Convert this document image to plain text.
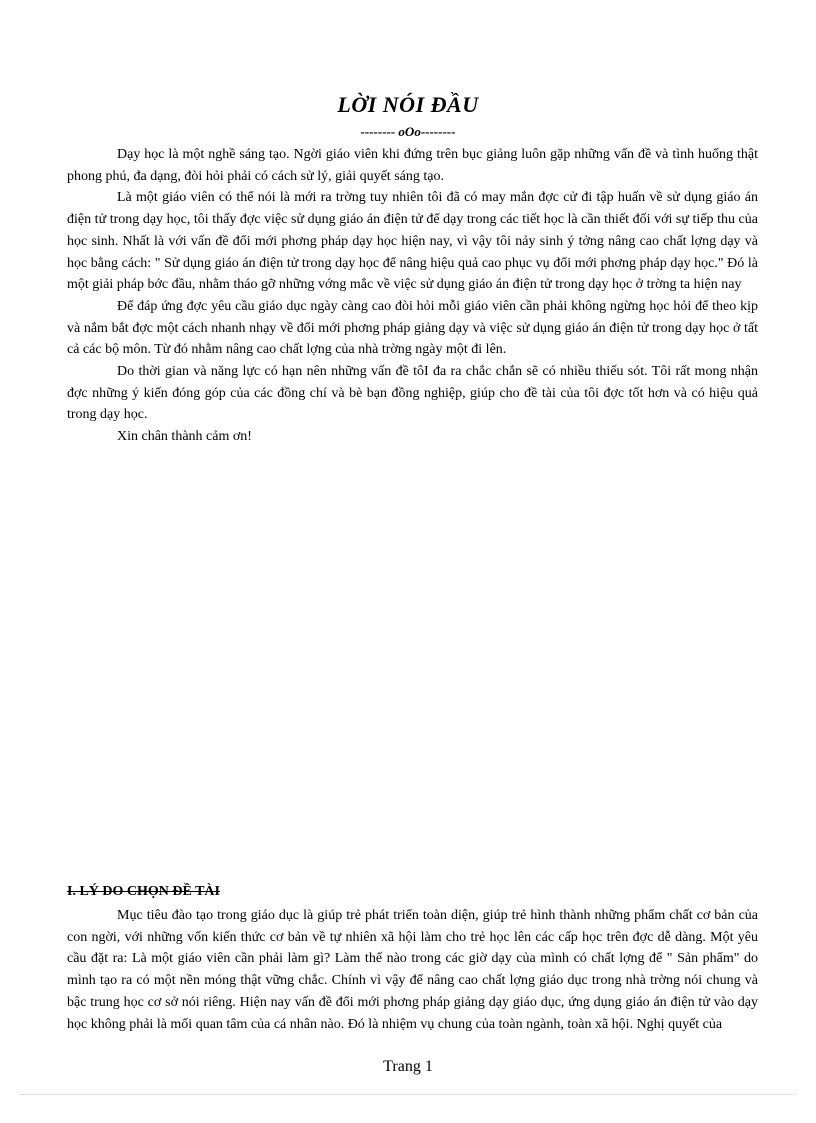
LỜI NÓI ĐẦU
-------- oOo--------

Dạy học là một nghề sáng tạo. Ngời giáo viên khi đứng trên bục giảng luôn gặp những vấn đề và tình huống thật phong phú, đa dạng, đòi hỏi phải có cách sử lý, giải quyết sáng tạo.

Là một giáo viên có thể nói là mới ra trờng tuy nhiên tôi đã có may mắn đợc cử đi tập huấn về sử dụng giáo án điện tử trong dạy học, tôi thấy đợc việc sử dụng giáo án điện tử để dạy trong các tiết học là cần thiết đối với sự tiếp thu của học sinh. Nhất là với vấn đề đổi mới phơng pháp dạy học hiện nay, vì vậy tôi nảy sinh ý tởng nâng cao chất lợng dạy và học bằng cách: " Sử dụng giáo án điện tử trong dạy học để nâng hiệu quả cao phục vụ đổi mới phơng pháp dạy học." Đó là một giải pháp bớc đầu, nhằm tháo gỡ những vớng mắc về việc sử dụng giáo án điện tử trong dạy học ở trờng ta hiện nay

Để đáp ứng đợc yêu cầu giáo dục ngày càng cao đòi hỏi mỗi giáo viên cần phải không ngừng học hỏi để theo kịp và nắm bắt đợc một cách nhanh nhạy về đổi mới phơng pháp giảng dạy và việc sử dụng giáo án điện tử trong dạy học ở tất cả các bộ môn. Từ đó nhằm nâng cao chất lợng của nhà trờng ngày một đi lên.

Do thời gian và năng lực có hạn nên những vấn đề tôI đa ra chắc chắn sẽ có nhiều thiếu sót. Tôi rất mong nhận đợc những ý kiến đóng góp của các đồng chí và bè bạn đồng nghiệp, giúp cho đề tài của tôi đợc tốt hơn và có hiệu quả trong dạy học.

Xin chân thành cảm ơn!

I. LÝ DO CHỌN ĐỀ TÀI

Mục tiêu đào tạo trong giáo dục là giúp trẻ phát triển toàn diện, giúp trẻ hình thành những phẩm chất cơ bản của con ngời, với những vốn kiến thức cơ bản về tự nhiên xã hội làm cho trẻ học lên các cấp học trên đợc dễ dàng. Một yêu cầu đặt ra: Là một giáo viên cần phải làm gì? Làm thế nào trong các giờ dạy của mình có chất lợng để " Sản phẩm" do mình tạo ra có một nền móng thật vững chắc. Chính vì vậy để nâng cao chất lợng giáo dục trong nhà trờng nói chung và bậc trung học cơ sở nói riêng. Hiện nay vấn đề đổi mới phơng pháp giảng dạy giáo dục, ứng dụng giáo án điện tử vào dạy học không phải là mối quan tâm của cá nhân nào. Đó là nhiệm vụ chung của toàn ngành, toàn xã hội. Nghị quyết của

Trang 1
